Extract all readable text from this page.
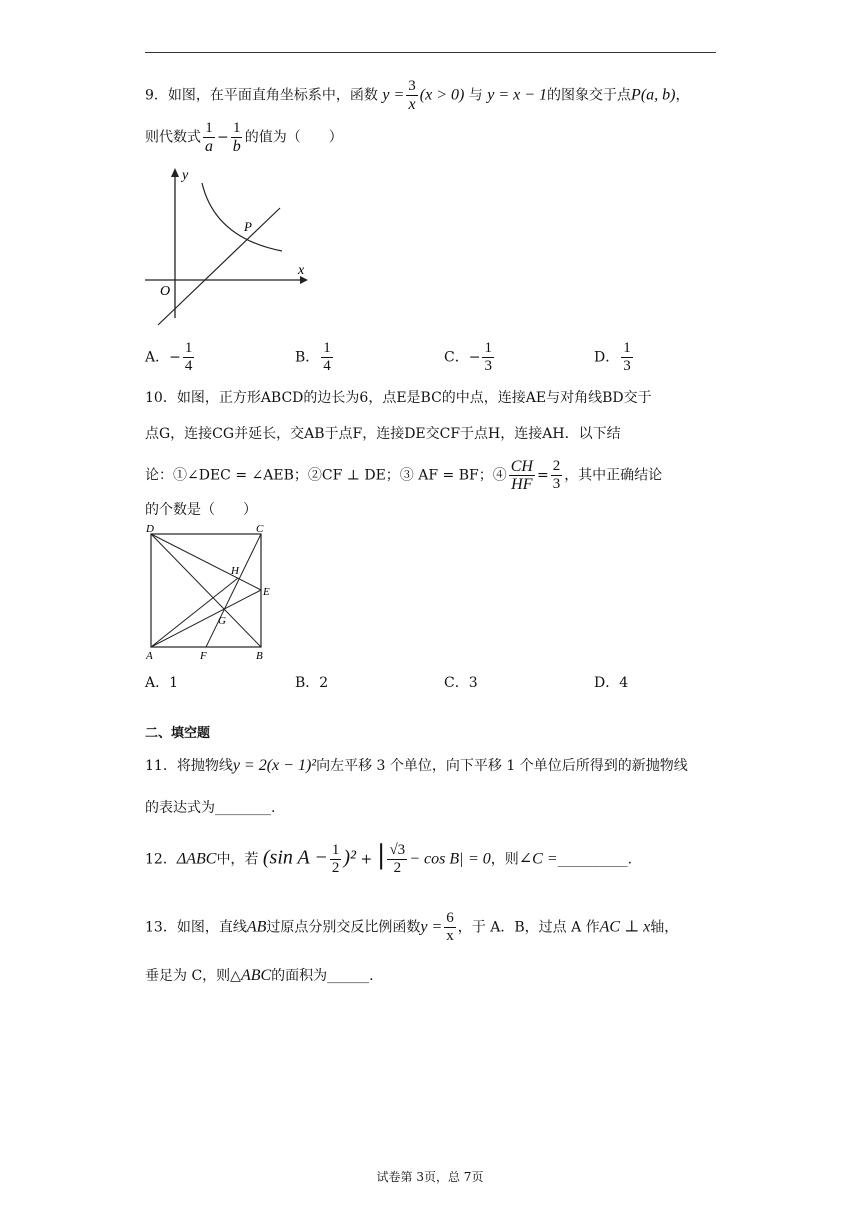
9．如图，在平面直角坐标系中，函数 $y = \frac{3}{x} (x > 0)$ 与 y = x − 1的图象交于点P(a, b)，
则代数式 $\frac{1}{a} - \frac{1}{b}$ 的值为（　　）
y
x
O
P
A．− $\frac{1}{4}$	B． $\frac{1}{4}$	C．− $\frac{1}{3}$	D． $\frac{1}{3}$
10．如图，正方形ABCD的边长为6，点E是BC的中点，连接AE与对角线BD交于
点G，连接CG并延长，交AB于点F，连接DE交CF于点H，连接AH．以下结
论：①∠DEC = ∠AEB；②CF ⊥ DE；③ AF = BF；④ $\frac{CH}{HF} = \frac{2}{3}$ ，其中正确结论
的个数是（　　）
D	C
E
A	F	B
H
G
A．1	B．2	C．3	D．4
二、填空题
11．将抛物线y = 2(x − 1)²向左平移 3 个单位，向下平移 1 个单位后所得到的新抛物线
的表达式为________.
12．ΔABC中，若 (sin $A - \frac{1}{2} )^2$ + | $\frac{√3}{2} - \cos B| = 0$，则∠C =__________.
13．如图，直线AB过原点分别交反比例函数$y = \frac{6}{x}$ ，于 A．B，过点 A 作AC ⊥ x轴，
垂足为 C，则△ABC的面积为______.
试卷第 3页，总 7页
